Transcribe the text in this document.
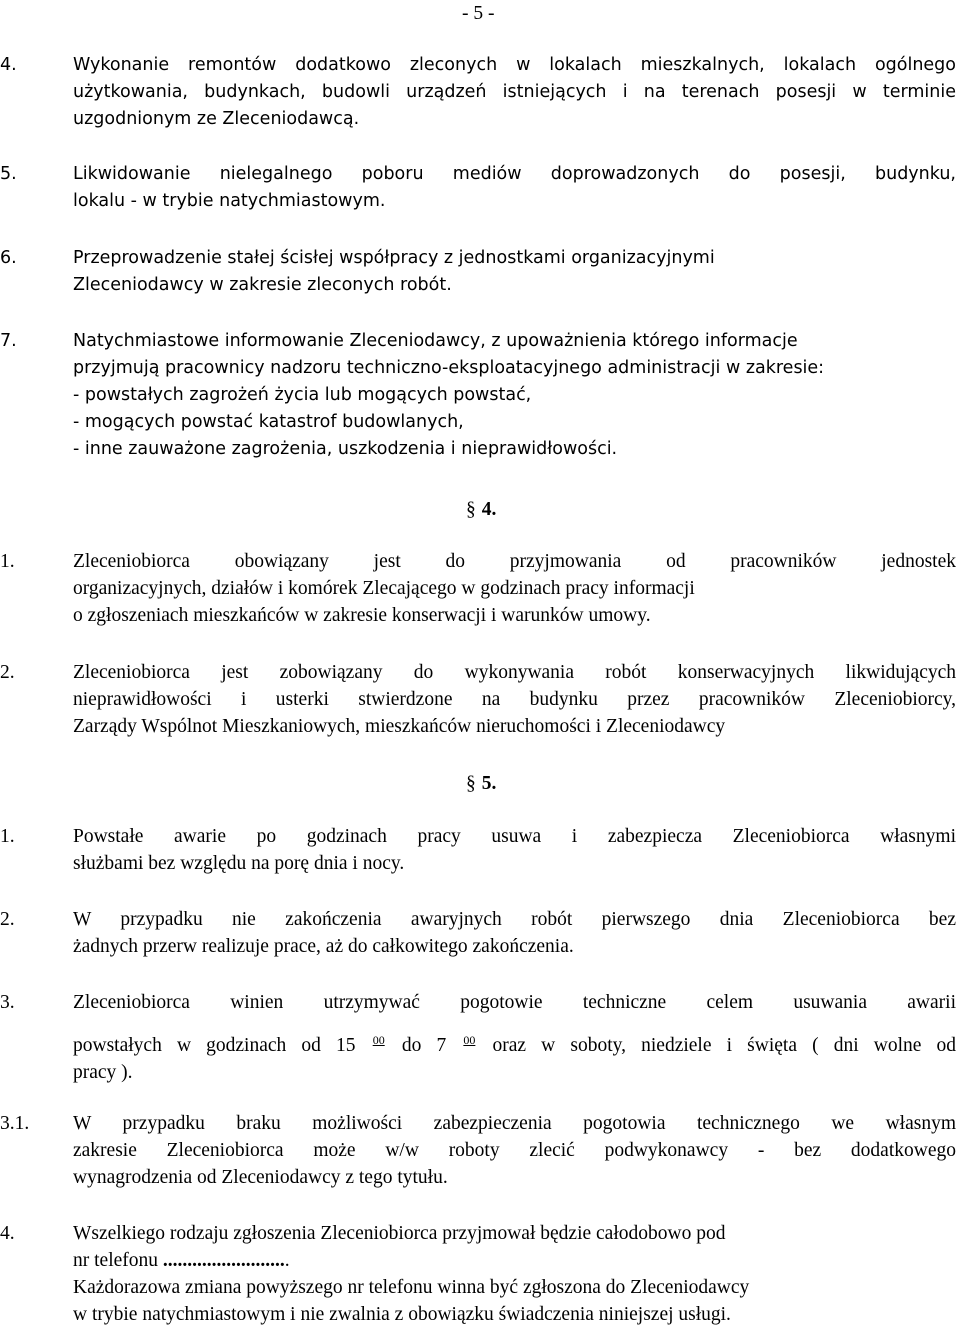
- 5 -
4.	Wykonanie remontów dodatkowo zleconych w lokalach mieszkalnych, lokalach ogólnego
użytkowania, budynkach, budowli urządzeń istniejących i na terenach posesji w terminie
uzgodnionym ze Zleceniodawcą.
5.	Likwidowanie nielegalnego poboru mediów doprowadzonych do posesji, budynku,
lokalu - w trybie natychmiastowym.
6.	Przeprowadzenie stałej ścisłej współpracy z jednostkami organizacyjnymi
Zleceniodawcy w zakresie zleconych robót.
7.	Natychmiastowe informowanie Zleceniodawcy, z upoważnienia którego informacje
przyjmują pracownicy nadzoru techniczno-eksploatacyjnego administracji w zakresie:
- powstałych zagrożeń życia lub mogących powstać,
- mogących powstać katastrof budowlanych,
- inne zauważone zagrożenia, uszkodzenia i nieprawidłowości.
§ 4.
1.	Zleceniobiorca obowiązany jest do przyjmowania od pracowników jednostek
organizacyjnych, działów i komórek Zlecającego w godzinach pracy informacji
o zgłoszeniach mieszkańców w zakresie konserwacji i warunków umowy.
2.	Zleceniobiorca jest zobowiązany do wykonywania robót konserwacyjnych likwidujących
nieprawidłowości i usterki stwierdzone na budynku przez pracowników Zleceniobiorcy,
Zarządy Wspólnot Mieszkaniowych, mieszkańców nieruchomości i Zleceniodawcy
§ 5.
1.	Powstałe awarie po godzinach pracy usuwa i zabezpiecza Zleceniobiorca własnymi
służbami bez względu na porę dnia i nocy.
2.	W przypadku nie zakończenia awaryjnych robót pierwszego dnia Zleceniobiorca bez
żadnych przerw realizuje prace, aż do całkowitego zakończenia.
3.	Zleceniobiorca winien utrzymywać pogotowie techniczne celem usuwania awarii
powstałych w godzinach od 15 $^{00}$ do 7 $^{00}$ oraz w soboty, niedziele i święta ( dni wolne od
pracy ).
3.1. W przypadku braku możliwości zabezpieczenia pogotowia technicznego we własnym
zakresie Zleceniobiorca może w/w roboty zlecić podwykonawcy - bez dodatkowego
wynagrodzenia od Zleceniodawcy z tego tytułu.
4.	Wszelkiego rodzaju zgłoszenia Zleceniobiorca przyjmował będzie całodobowo pod
nr telefonu ..........................
Każdorazowa zmiana powyższego nr telefonu winna być zgłoszona do Zleceniodawcy
w trybie natychmiastowym i nie zwalnia z obowiązku świadczenia niniejszej usługi.
